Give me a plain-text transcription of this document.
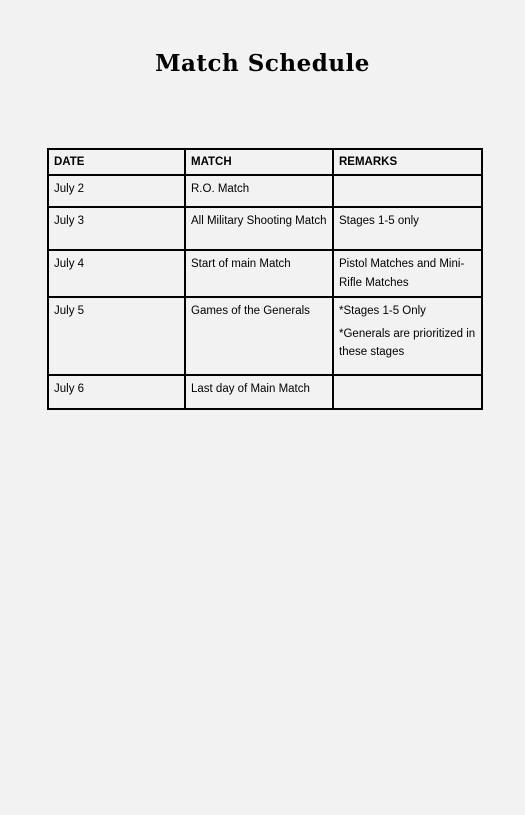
Match Schedule
DATE	MATCH	REMARKS
July 2	R.O. Match	
July 3	All Military Shooting Match	Stages 1-5 only

July 4	Start of main Match	Pistol Matches and Mini-Rifle Matches

July 5	Games of the Generals	*Stages 1-5 Only
*Generals are prioritized in these stages

July 6	Last day of Main Match	
